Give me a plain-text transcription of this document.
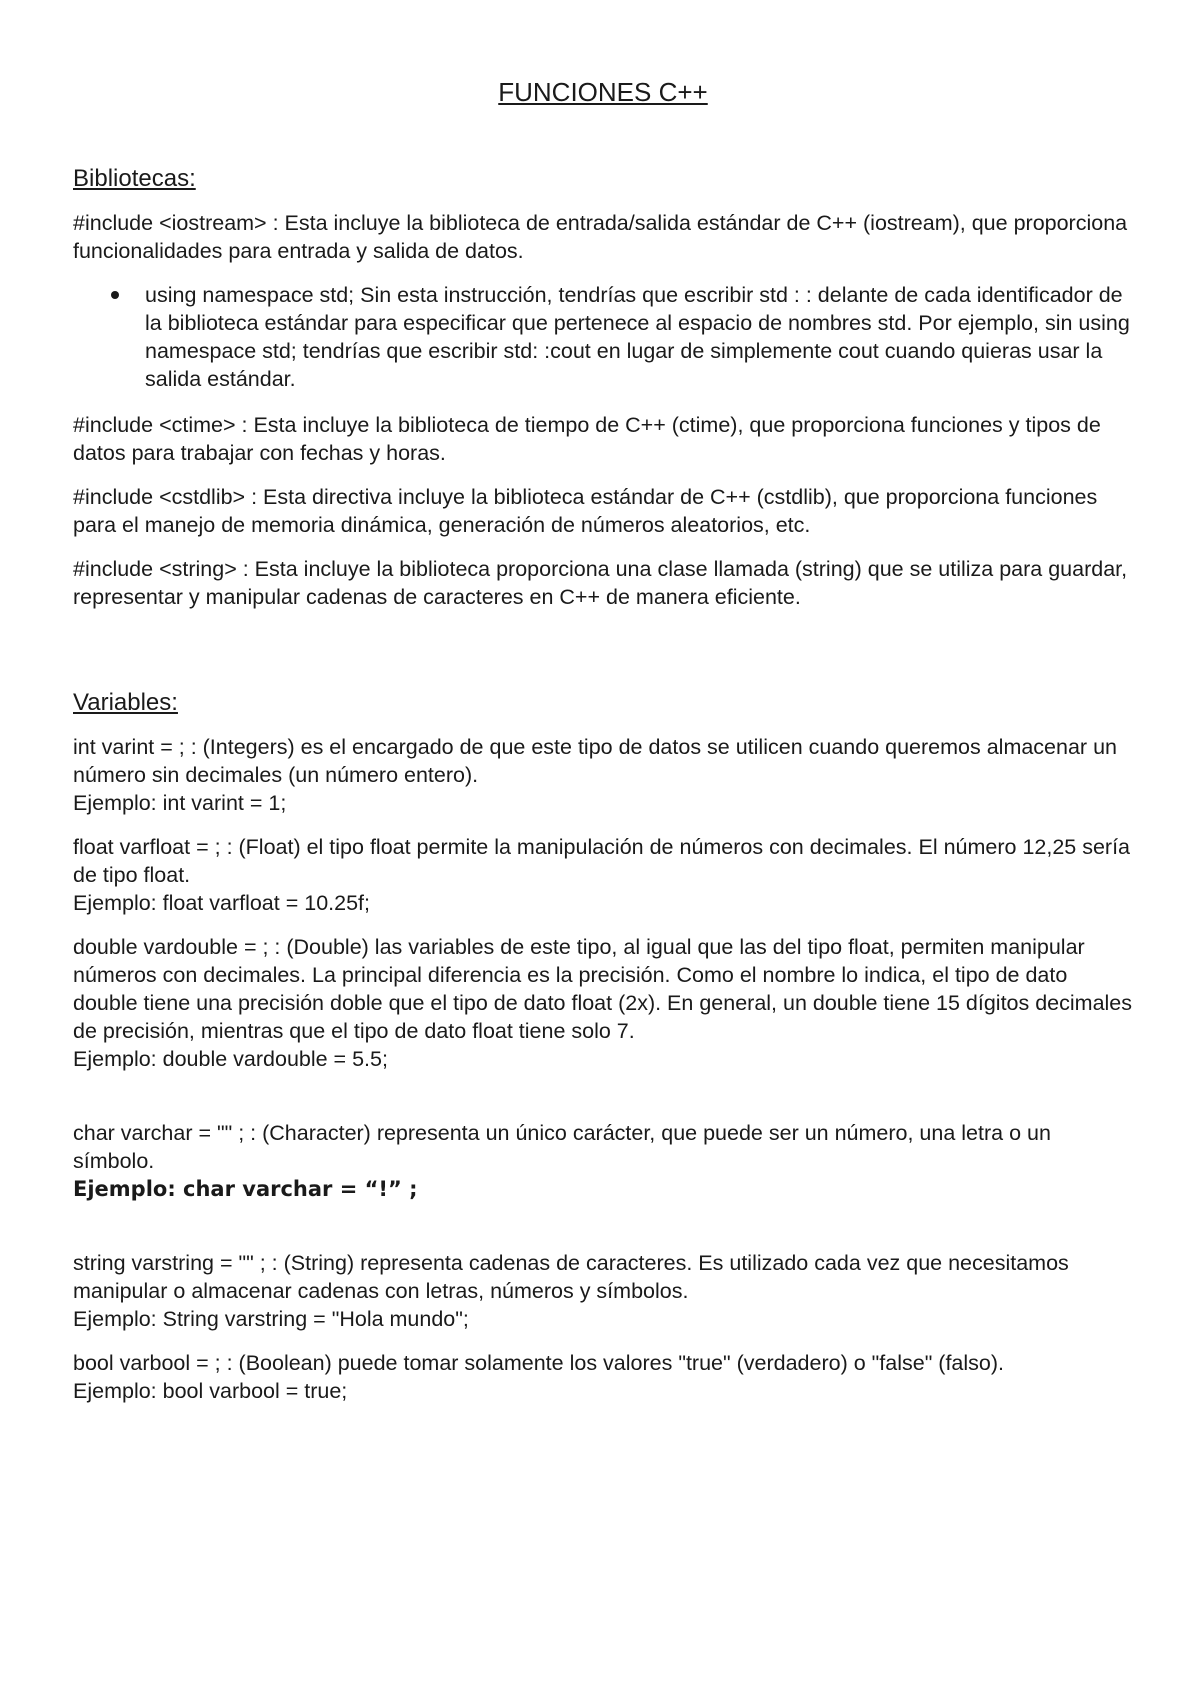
FUNCIONES C++
Bibliotecas:

#include <iostream> : Esta incluye la biblioteca de entrada/salida estándar de C++ (iostream), que proporciona funcionalidades para entrada y salida de datos.

using namespace std; Sin esta instrucción, tendrías que escribir std : : delante de cada identificador de la biblioteca estándar para especificar que pertenece al espacio de nombres std. Por ejemplo, sin using namespace std; tendrías que escribir std: :cout en lugar de simplemente cout cuando quieras usar la salida estándar.

#include <ctime> : Esta incluye la biblioteca de tiempo de C++ (ctime), que proporciona funciones y tipos de datos para trabajar con fechas y horas.

#include <cstdlib> : Esta directiva incluye la biblioteca estándar de C++ (cstdlib), que proporciona funciones para el manejo de memoria dinámica, generación de números aleatorios, etc.

#include <string> : Esta incluye la biblioteca proporciona una clase llamada (string) que se utiliza para guardar, representar y manipular cadenas de caracteres en C++ de manera eficiente.

Variables:

int varint = ; : (Integers) es el encargado de que este tipo de datos se utilicen cuando queremos almacenar un número sin decimales (un número entero).
Ejemplo: int varint = 1;

float varfloat = ; : (Float) el tipo float permite la manipulación de números con decimales. El número 12,25 sería de tipo float.
Ejemplo: float varfloat = 10.25f;

double vardouble = ; : (Double) las variables de este tipo, al igual que las del tipo float, permiten manipular números con decimales. La principal diferencia es la precisión. Como el nombre lo indica, el tipo de dato double tiene una precisión doble que el tipo de dato float (2x). En general, un double tiene 15 dígitos decimales de precisión, mientras que el tipo de dato float tiene solo 7.
Ejemplo: double vardouble = 5.5;

char varchar = "" ; : (Character) representa un único carácter, que puede ser un número, una letra o un símbolo.
Ejemplo: char varchar = “!” ;

string varstring = "" ; : (String) representa cadenas de caracteres. Es utilizado cada vez que necesitamos manipular o almacenar cadenas con letras, números y símbolos.
Ejemplo: String varstring = "Hola mundo";

bool varbool = ; : (Boolean) puede tomar solamente los valores "true" (verdadero) o "false" (falso).
Ejemplo: bool varbool = true;
